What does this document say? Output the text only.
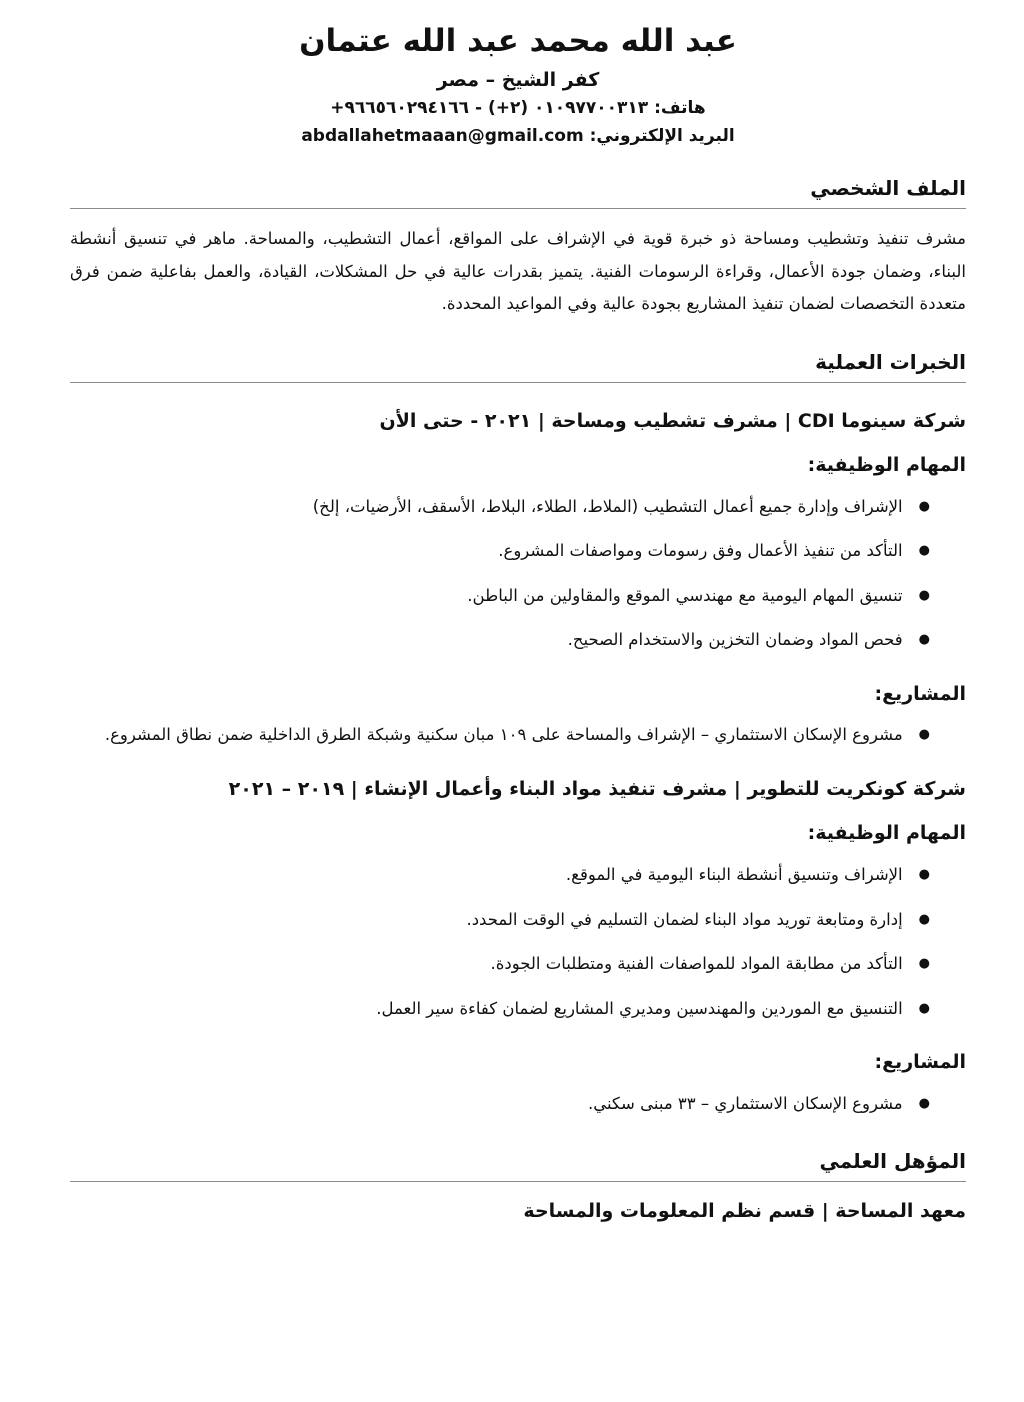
عبد الله محمد عبد الله عتمان
كفر الشيخ – مصر
هاتف: ٠١٠٩٧٧٠٠٣١٣ (+٢) - +٩٦٦٥٦٠٢٩٤١٦٦
البريد الإلكتروني: abdallahetmaaan@gmail.com
الملف الشخصي

مشرف تنفيذ وتشطيب ومساحة ذو خبرة قوية في الإشراف على المواقع، أعمال التشطيب، والمساحة. ماهر في تنسيق أنشطة البناء، وضمان جودة الأعمال، وقراءة الرسومات الفنية. يتميز بقدرات عالية في حل المشكلات، القيادة، والعمل بفاعلية ضمن فرق متعددة التخصصات لضمان تنفيذ المشاريع بجودة عالية وفي المواعيد المحددة.

الخبرات العملية
شركة سينوما CDI | مشرف تشطيب ومساحة | ٢٠٢١ - حتى الأن
المهام الوظيفية:
●
الإشراف وإدارة جميع أعمال التشطيب (الملاط، الطلاء، البلاط، الأسقف، الأرضيات، إلخ)
●
التأكد من تنفيذ الأعمال وفق رسومات ومواصفات المشروع.
●
تنسيق المهام اليومية مع مهندسي الموقع والمقاولين من الباطن.
●
فحص المواد وضمان التخزين والاستخدام الصحيح.
المشاريع:
●
مشروع الإسكان الاستثماري – الإشراف والمساحة على ١٠٩ مبان سكنية وشبكة الطرق الداخلية ضمن نطاق المشروع.
شركة كونكريت للتطوير | مشرف تنفيذ مواد البناء وأعمال الإنشاء | ٢٠١٩ – ٢٠٢١
المهام الوظيفية:
●
الإشراف وتنسيق أنشطة البناء اليومية في الموقع.
●
إدارة ومتابعة توريد مواد البناء لضمان التسليم في الوقت المحدد.
●
التأكد من مطابقة المواد للمواصفات الفنية ومتطلبات الجودة.
●
التنسيق مع الموردين والمهندسين ومديري المشاريع لضمان كفاءة سير العمل.
المشاريع:
●
مشروع الإسكان الاستثماري – ٣٣ مبنى سكني.
المؤهل العلمي
معهد المساحة | قسم نظم المعلومات والمساحة
